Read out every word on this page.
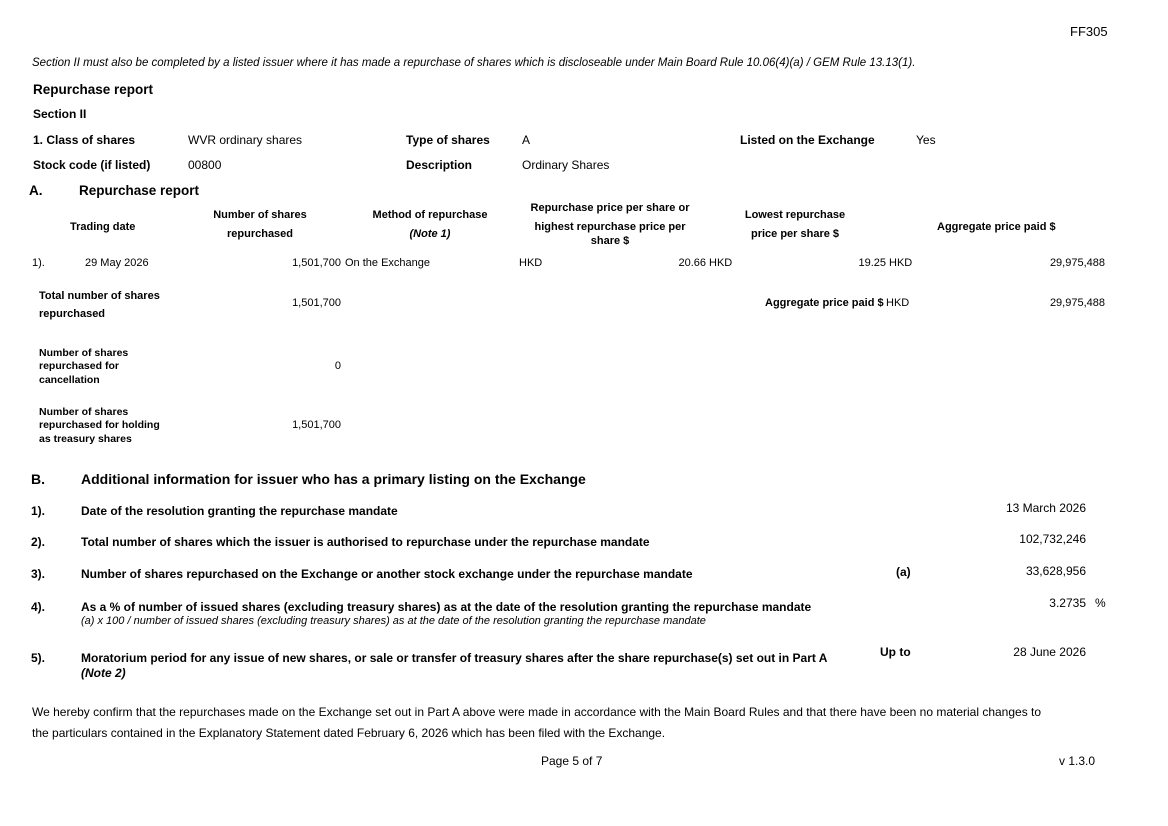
FF305
Section II must also be completed by a listed issuer where it has made a repurchase of shares which is discloseable under Main Board Rule 10.06(4)(a) / GEM Rule 13.13(1).
Repurchase report
Section II
1. Class of shares	WVR ordinary shares	Type of shares	A	Listed on the Exchange	Yes
Stock code (if listed)	00800	Description	Ordinary Shares
A.	Repurchase report
Trading date
Number of shares
repurchased
Method of repurchase
(Note 1)
Repurchase price per share or
highest repurchase price per
share $
Lowest repurchase
price per share $
Aggregate price paid $
1).	29 May 2026	1,501,700 On the Exchange	HKD	20.66 HKD	19.25 HKD	29,975,488
Total number of shares
repurchased
1,501,700	Aggregate price paid $ HKD	29,975,488
Number of shares
repurchased for
cancellation
0
Number of shares
repurchased for holding
as treasury shares
1,501,700
B.	Additional information for issuer who has a primary listing on the Exchange
1).	Date of the resolution granting the repurchase mandate	13 March 2026
2).	Total number of shares which the issuer is authorised to repurchase under the repurchase mandate	102,732,246
3).	Number of shares repurchased on the Exchange or another stock exchange under the repurchase mandate	(a)	33,628,956
4).	As a % of number of issued shares (excluding treasury shares) as at the date of the resolution granting the repurchase mandate
(a) x 100 / number of issued shares (excluding treasury shares) as at the date of the resolution granting the repurchase mandate
3.2735 %
5).	Moratorium period for any issue of new shares, or sale or transfer of treasury shares after the share repurchase(s) set out in Part A
(Note 2)
Up to	28 June 2026
We hereby confirm that the repurchases made on the Exchange set out in Part A above were made in accordance with the Main Board Rules and that there have been no material changes to
the particulars contained in the Explanatory Statement dated February 6, 2026 which has been filed with the Exchange.
Page 5 of 7	v 1.3.0
